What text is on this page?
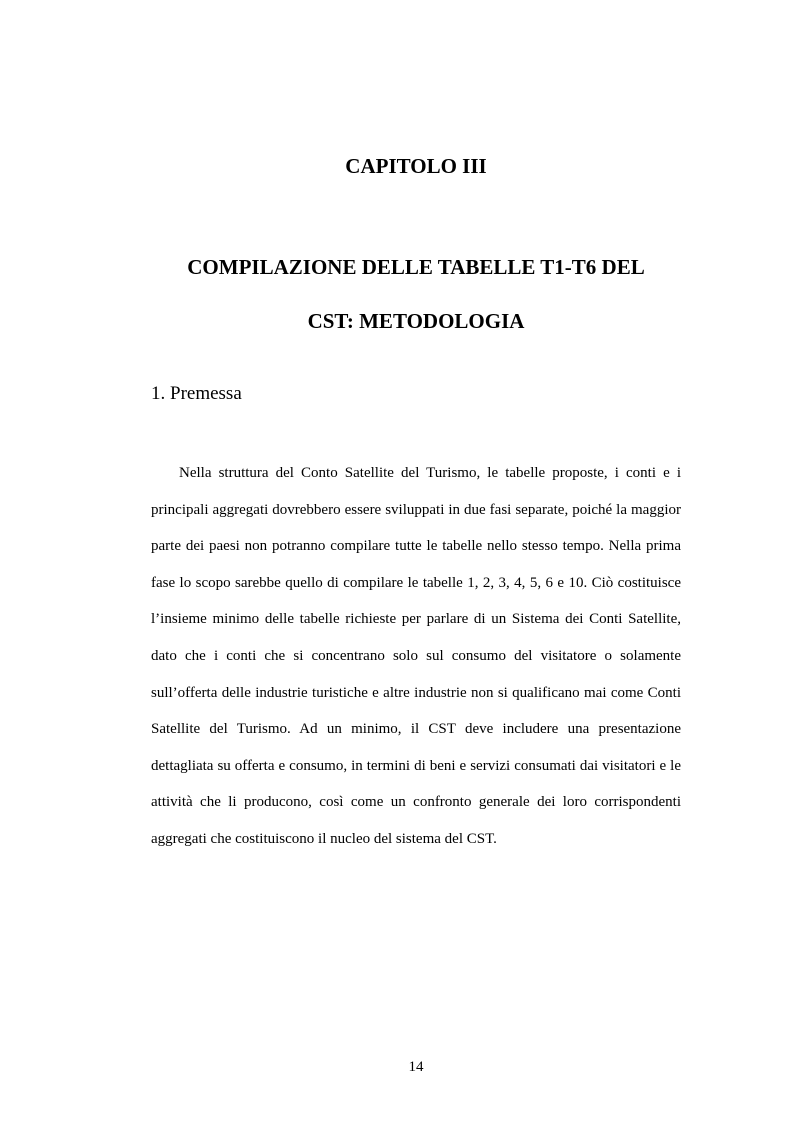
CAPITOLO III
COMPILAZIONE DELLE TABELLE T1-T6 DEL
CST: METODOLOGIA
1. Premessa

Nella struttura del Conto Satellite del Turismo, le tabelle proposte, i conti e i principali aggregati dovrebbero essere sviluppati in due fasi separate, poiché la maggior parte dei paesi non potranno compilare tutte le tabelle nello stesso tempo. Nella prima fase lo scopo sarebbe quello di compilare le tabelle 1, 2, 3, 4, 5, 6 e 10. Ciò costituisce l’insieme minimo delle tabelle richieste per parlare di un Sistema dei Conti Satellite, dato che i conti che si concentrano solo sul consumo del visitatore o solamente sull’offerta delle industrie turistiche e altre industrie non si qualificano mai come Conti Satellite del Turismo. Ad un minimo, il CST deve includere una presentazione dettagliata su offerta e consumo, in termini di beni e servizi consumati dai visitatori e le attività che li producono, così come un confronto generale dei loro corrispondenti aggregati che costituiscono il nucleo del sistema del CST.

14
